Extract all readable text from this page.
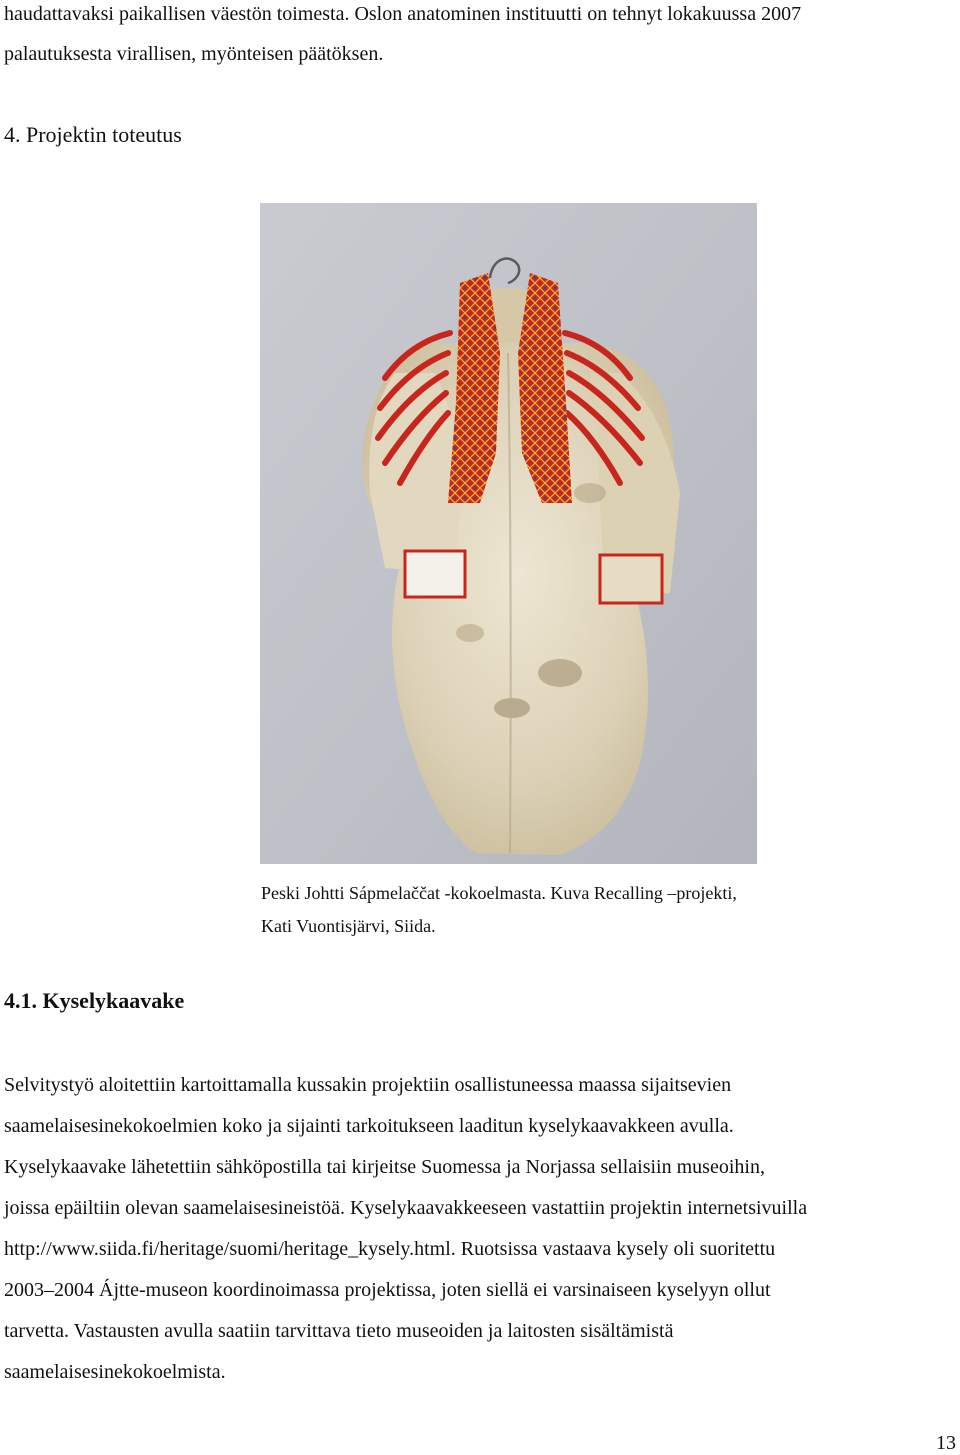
haudattavaksi paikallisen väestön toimesta. Oslon anatominen instituutti on tehnyt lokakuussa 2007
palautuksesta virallisen, myönteisen päätöksen.
4. Projektin toteutus
Peski Johtti Sápmelaččat -kokoelmasta. Kuva Recalling –projekti,
Kati Vuontisjärvi, Siida.
4.1. Kyselykaavake
Selvitystyö aloitettiin kartoittamalla kussakin projektiin osallistuneessa maassa sijaitsevien
saamelaisesinekokoelmien koko ja sijainti tarkoitukseen laaditun kyselykaavakkeen avulla.
Kyselykaavake lähetettiin sähköpostilla tai kirjeitse Suomessa ja Norjassa sellaisiin museoihin,
joissa epäiltiin olevan saamelaisesineistöä. Kyselykaavakkeeseen vastattiin projektin internetsivuilla
http://www.siida.fi/heritage/suomi/heritage_kysely.html. Ruotsissa vastaava kysely oli suoritettu
2003–2004 Ájtte-museon koordinoimassa projektissa, joten siellä ei varsinaiseen kyselyyn ollut
tarvetta. Vastausten avulla saatiin tarvittava tieto museoiden ja laitosten sisältämistä
saamelaisesinekokoelmista.
13
